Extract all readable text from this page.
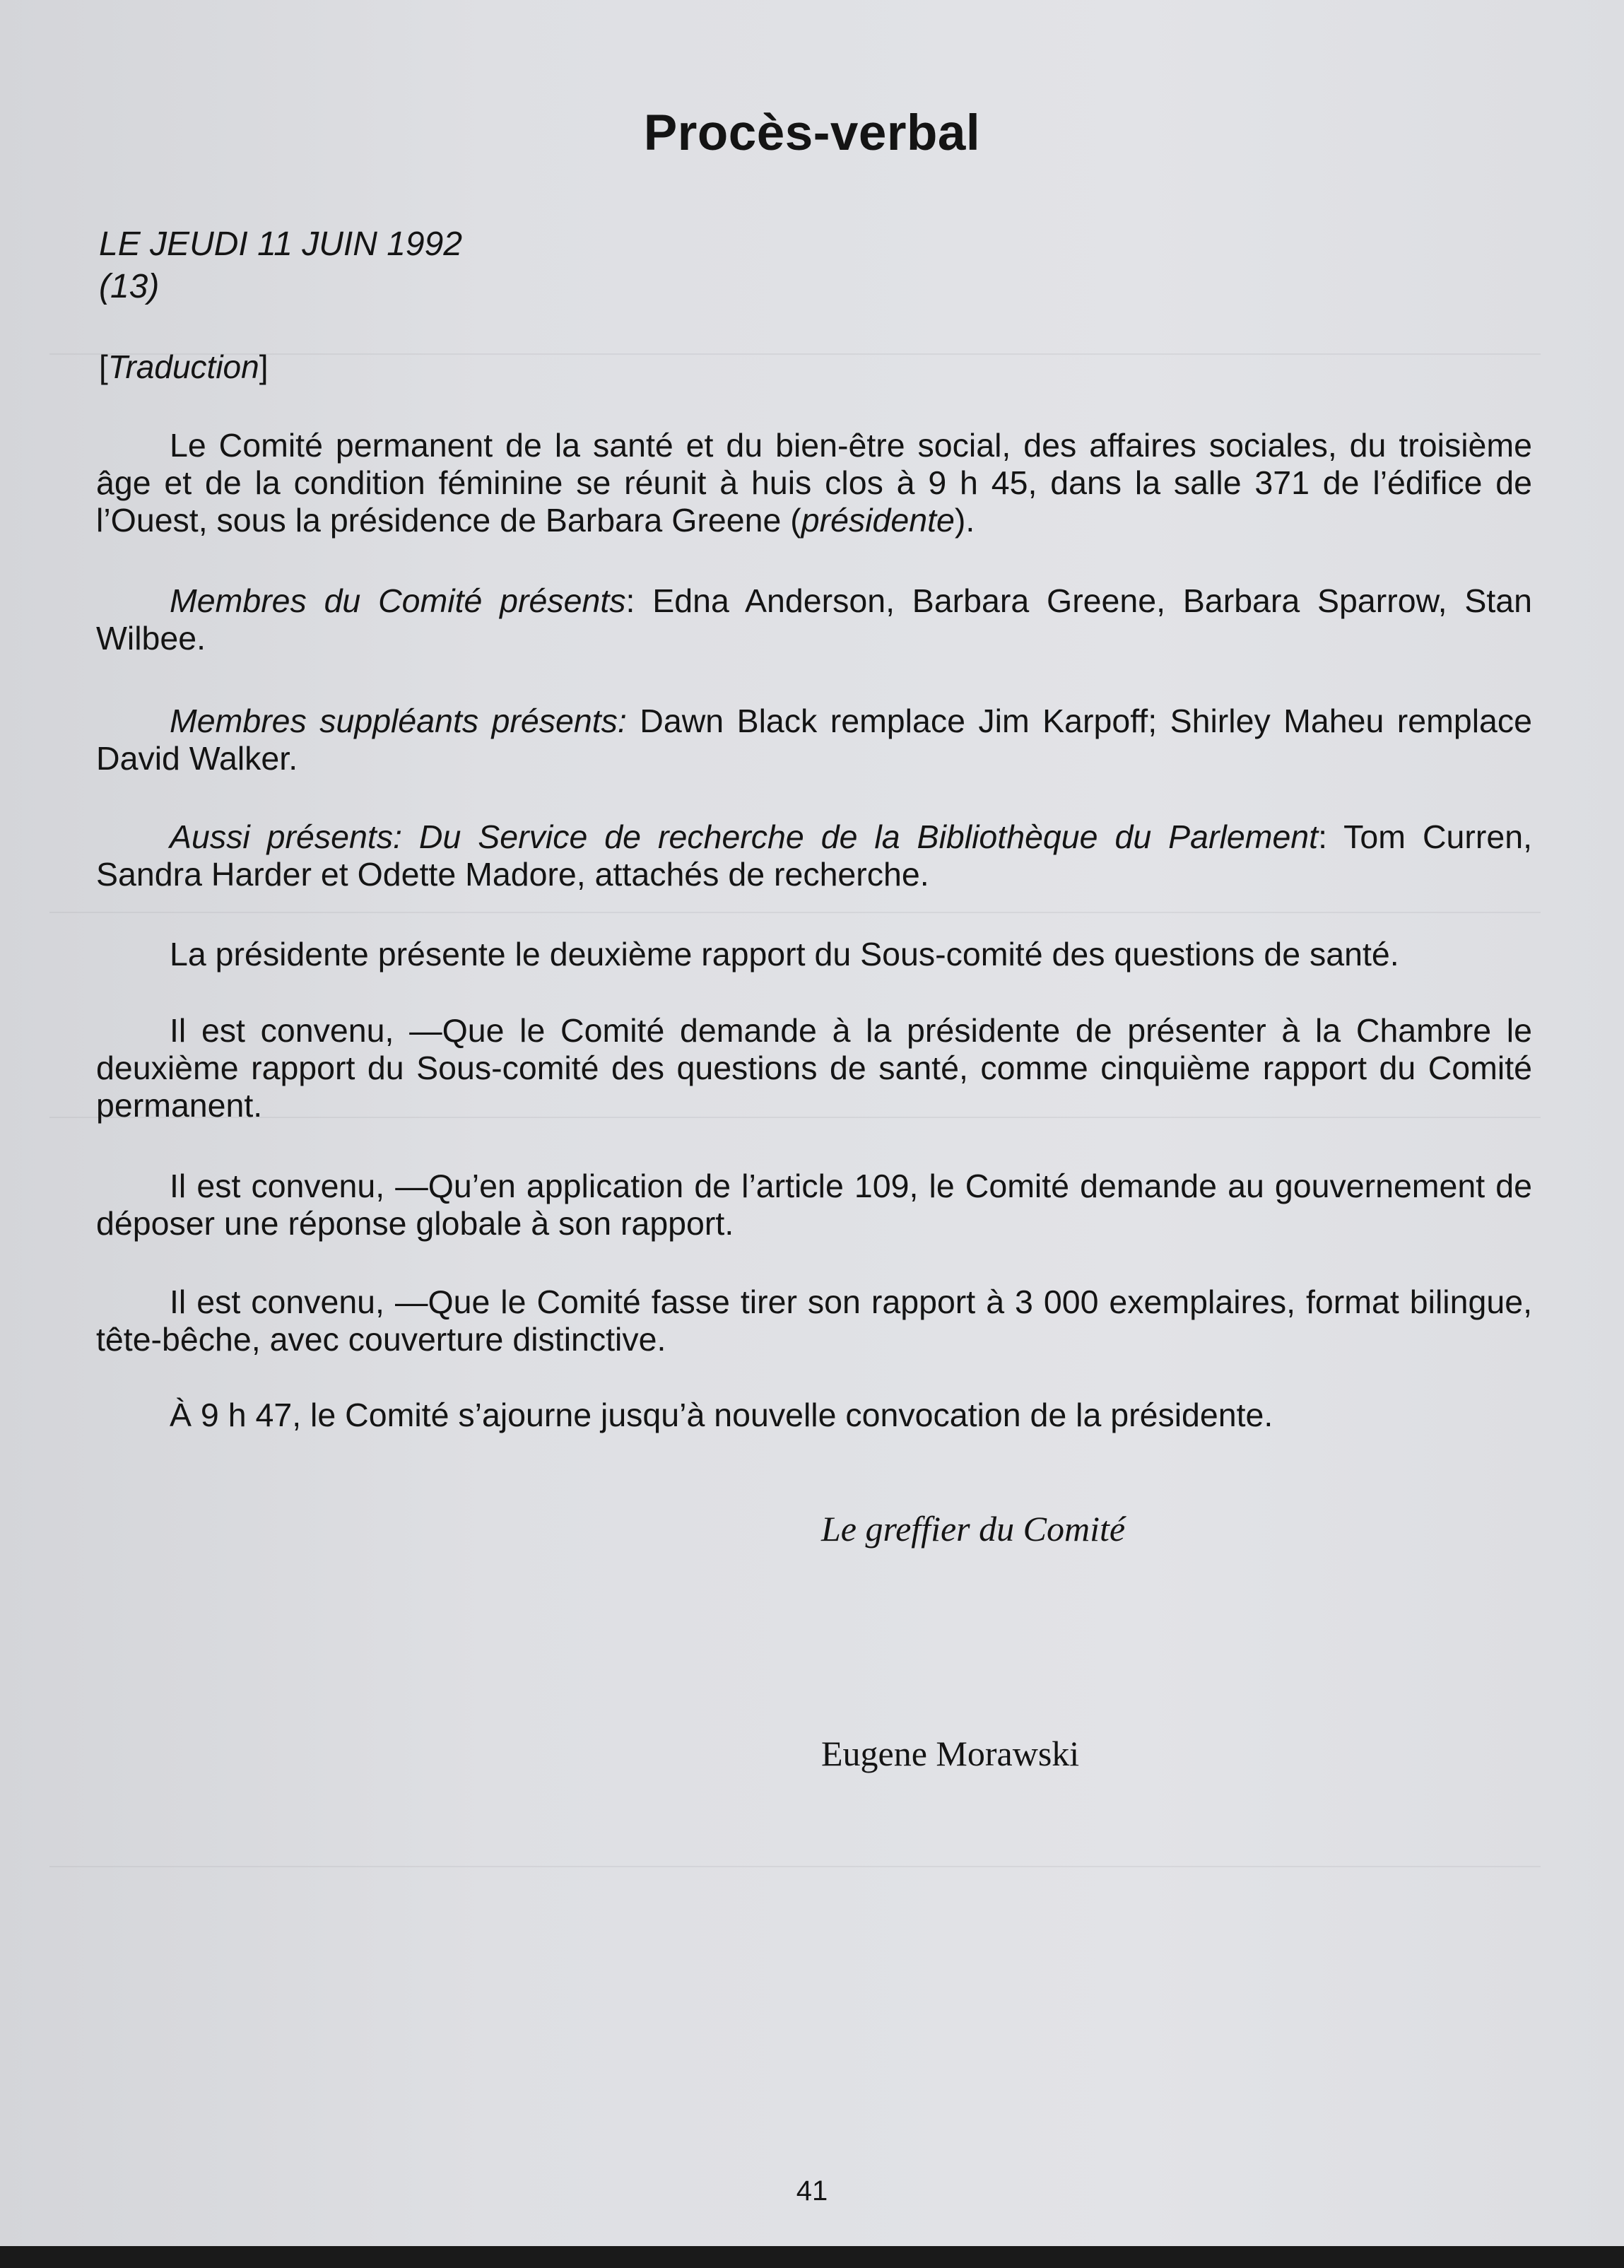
Procès-verbal
LE JEUDI 11 JUIN 1992
(13)
[Traduction]
Le Comité permanent de la santé et du bien-être social, des affaires sociales, du troisième âge et de la condition féminine se réunit à huis clos à 9 h 45, dans la salle 371 de l’édifice de l’Ouest, sous la présidence de Barbara Greene (présidente).
Membres du Comité présents: Edna Anderson, Barbara Greene, Barbara Sparrow, Stan Wilbee.
Membres suppléants présents: Dawn Black remplace Jim Karpoff; Shirley Maheu remplace David Walker.
Aussi présents: Du Service de recherche de la Bibliothèque du Parlement: Tom Curren, Sandra Harder et Odette Madore, attachés de recherche.
La présidente présente le deuxième rapport du Sous-comité des questions de santé.
Il est convenu, —Que le Comité demande à la présidente de présenter à la Chambre le deuxième rapport du Sous-comité des questions de santé, comme cinquième rapport du Comité permanent.
Il est convenu, —Qu’en application de l’article 109, le Comité demande au gouvernement de déposer une réponse globale à son rapport.
Il est convenu, —Que le Comité fasse tirer son rapport à 3 000 exemplaires, format bilingue, tête-bêche, avec couverture distinctive.
À 9 h 47, le Comité s’ajourne jusqu’à nouvelle convocation de la présidente.
Le greffier du Comité
Eugene Morawski
41
